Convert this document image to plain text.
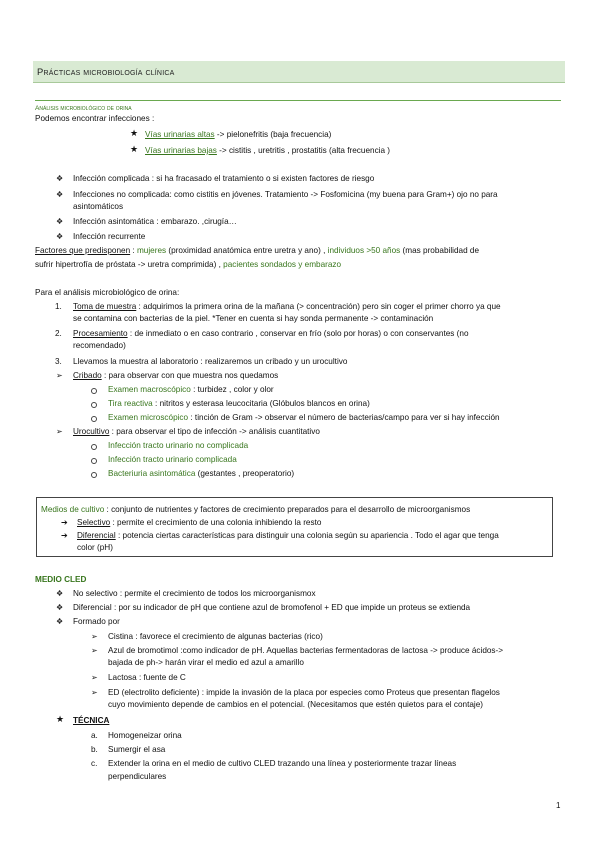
Prácticas microbiología clínica
Análisis microbiológico de orina
Podemos encontrar infecciones :
★ Vías urinarias altas -> pielonefritis (baja frecuencia)
★ Vías urinarias bajas -> cistitis , uretritis , prostatitis (alta frecuencia )
❖ Infección complicada : si ha fracasado el tratamiento o si existen factores de riesgo
❖ Infecciones no complicada: como cistitis en jóvenes. Tratamiento -> Fosfomicina (my buena para Gram+) ojo no para
asintomáticos
❖ Infección asintomática : embarazo. ,cirugía…
❖ Infección recurrente
Factores que predisponen : mujeres (proximidad anatómica entre uretra y ano) , individuos >50 años (mas probabilidad de
sufrir hipertrofía de próstata -> uretra comprimida) , pacientes sondados y embarazo
Para el análisis microbiológico de orina:
1. Toma de muestra : adquirimos la primera orina de la mañana (> concentración) pero sin coger el primer chorro ya que
se contamina con bacterias de la piel. *Tener en cuenta si hay sonda permanente -> contaminación
2. Procesamiento : de inmediato o en caso contrario , conservar en frío (solo por horas) o con conservantes (no
recomendado)
3. Llevamos la muestra al laboratorio : realizaremos un cribado y un urocultivo
➢ Cribado : para observar con que muestra nos quedamos
Examen macroscópico : turbidez , color y olor
Tira reactiva : nitritos y esterasa leucocitaria (Glóbulos blancos en orina)
Examen microscópico : tinción de Gram -> observar el número de bacterias/campo para ver si hay infección
➢ Urocultivo : para observar el tipo de infección -> análisis cuantitativo
Infección tracto urinario no complicada
Infección tracto urinario complicada
Bacteriuria asintomática (gestantes , preoperatorio)
Medios de cultivo : conjunto de nutrientes y factores de crecimiento preparados para el desarrollo de microorganismos
➔ Selectivo : permite el crecimiento de una colonia inhibiendo la resto
➔ Diferencial : potencia ciertas características para distinguir una colonia según su apariencia . Todo el agar que tenga
color (pH)
MEDIO CLED
❖ No selectivo : permite el crecimiento de todos los microorganismox
❖ Diferencial : por su indicador de pH que contiene azul de bromofenol + ED que impide un proteus se extienda
❖ Formado por
➢ Cistina : favorece el crecimiento de algunas bacterias (rico)
➢ Azul de bromotimol :como indicador de pH. Aquellas bacterias fermentadoras de lactosa -> produce ácidos->
bajada de ph-> harán virar el medio ed azul a amarillo
➢ Lactosa : fuente de C
➢ ED (electrolito deficiente) : impide la invasión de la placa por especies como Proteus que presentan flagelos
cuyo movimiento depende de cambios en el potencial. (Necesitamos que estén quietos para el contaje)
★ TÉCNICA
a. Homogeneizar orina
b. Sumergir el asa
c. Extender la orina en el medio de cultivo CLED trazando una línea y posteriormente trazar líneas
perpendiculares
1
